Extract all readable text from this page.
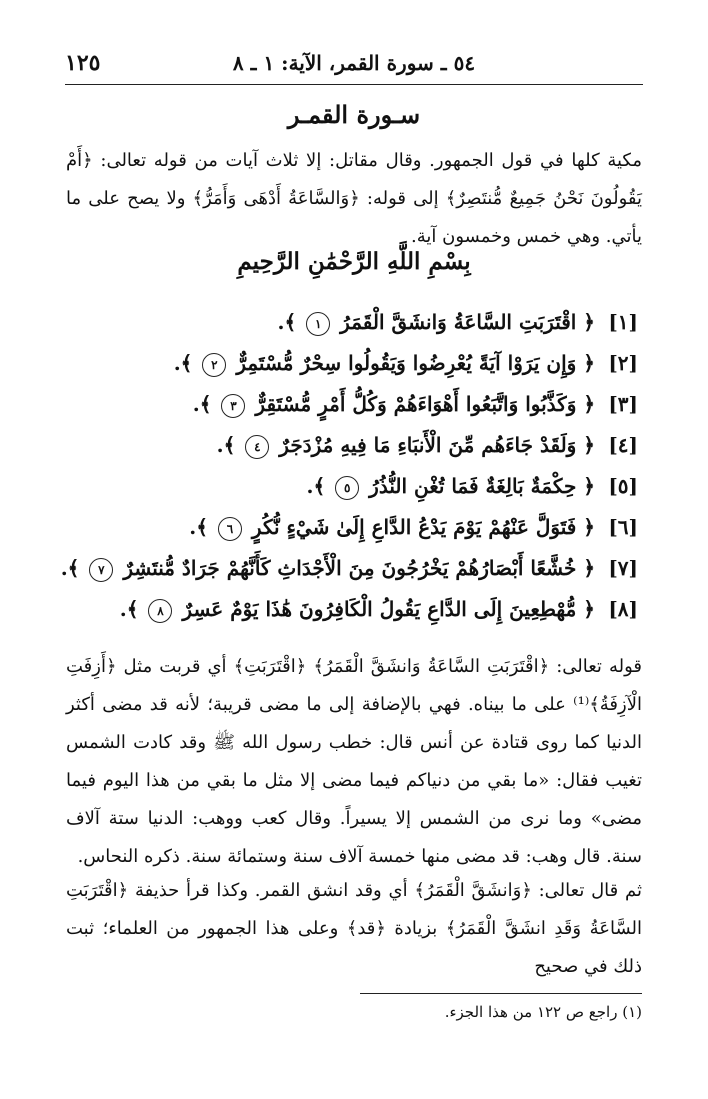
١٢٥	٥٤ ـ سورة القمر، الآية: ١ ـ ٨
سـورة القمـر

مكية كلها في قول الجمهور. وقال مقاتل: إلا ثلاث آيات من قوله تعالى: ﴿أَمْ يَقُولُونَ نَحْنُ جَمِيعٌ مُّنتَصِرٌ﴾ إلى قوله: ﴿وَالسَّاعَةُ أَدْهَى وَأَمَرُّ﴾ ولا يصح على ما يأتي. وهي خمس وخمسون آية.

بِسْمِ اللَّهِ الرَّحْمَٰنِ الرَّحِيمِ
[١] ﴿ اقْتَرَبَتِ السَّاعَةُ وَانشَقَّ الْقَمَرُ ١ ﴾.
[٢] ﴿ وَإِن يَرَوْا آيَةً يُعْرِضُوا وَيَقُولُوا سِحْرٌ مُّسْتَمِرٌّ ٢ ﴾.
[٣] ﴿ وَكَذَّبُوا وَاتَّبَعُوا أَهْوَاءَهُمْ وَكُلُّ أَمْرٍ مُّسْتَقِرٌّ ٣ ﴾.
[٤] ﴿ وَلَقَدْ جَاءَهُم مِّنَ الْأَنبَاءِ مَا فِيهِ مُزْدَجَرٌ ٤ ﴾.
[٥] ﴿ حِكْمَةٌ بَالِغَةٌ فَمَا تُغْنِ النُّذُرُ ٥ ﴾.
[٦] ﴿ فَتَوَلَّ عَنْهُمْ يَوْمَ يَدْعُ الدَّاعِ إِلَىٰ شَيْءٍ نُّكُرٍ ٦ ﴾.
[٧] ﴿ خُشَّعًا أَبْصَارُهُمْ يَخْرُجُونَ مِنَ الْأَجْدَاثِ كَأَنَّهُمْ جَرَادٌ مُّنتَشِرٌ ٧ ﴾.
[٨] ﴿ مُّهْطِعِينَ إِلَى الدَّاعِ يَقُولُ الْكَافِرُونَ هَٰذَا يَوْمٌ عَسِرٌ ٨ ﴾.

قوله تعالى: ﴿اقْتَرَبَتِ السَّاعَةُ وَانشَقَّ الْقَمَرُ﴾ ﴿اقْتَرَبَتِ﴾ أي قربت مثل ﴿أَزِفَتِ الْآزِفَةُ﴾⁽¹⁾ على ما بيناه. فهي بالإضافة إلى ما مضى قريبة؛ لأنه قد مضى أكثر الدنيا كما روى قتادة عن أنس قال: خطب رسول الله ﷺ وقد كادت الشمس تغيب فقال: «ما بقي من دنياكم فيما مضى إلا مثل ما بقي من هذا اليوم فيما مضى» وما نرى من الشمس إلا يسيراً. وقال كعب ووهب: الدنيا ستة آلاف سنة. قال وهب: قد مضى منها خمسة آلاف سنة وستمائة سنة. ذكره النحاس.

ثم قال تعالى: ﴿وَانشَقَّ الْقَمَرُ﴾ أي وقد انشق القمر. وكذا قرأ حذيفة ﴿اقْتَرَبَتِ السَّاعَةُ وَقَدِ انشَقَّ الْقَمَرُ﴾ بزيادة ﴿قد﴾ وعلى هذا الجمهور من العلماء؛ ثبت ذلك في صحيح

(١) راجع ص ١٢٢ من هذا الجزء.
